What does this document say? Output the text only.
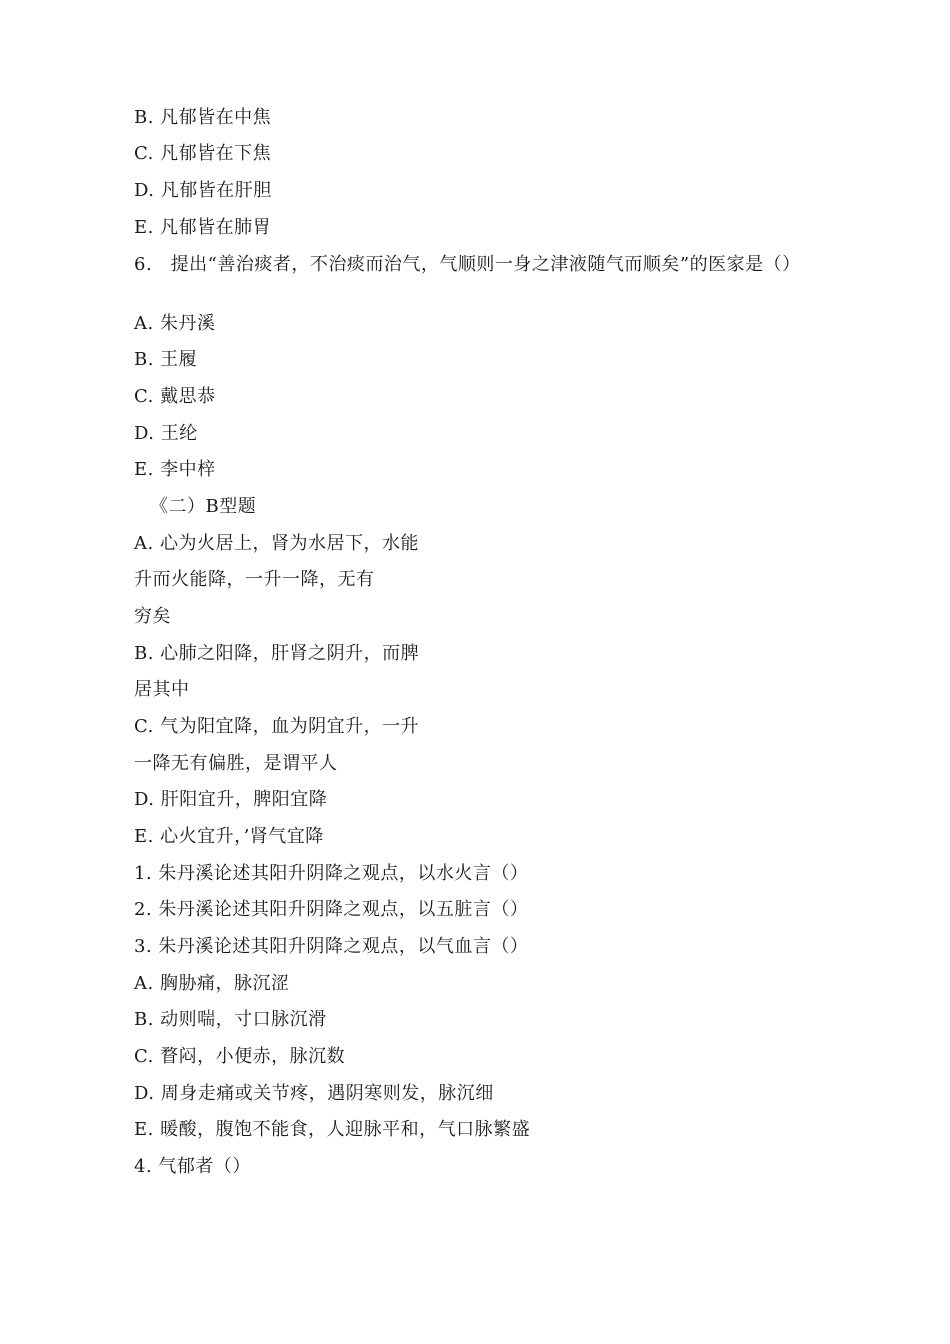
B. 凡郁皆在中焦
C. 凡郁皆在下焦
D. 凡郁皆在肝胆
E. 凡郁皆在肺胃
6.　提出“善治痰者，不治痰而治气，气顺则一身之津液随气而顺矣”的医家是（）
A. 朱丹溪
B. 王履
C. 戴思恭
D. 王纶
E. 李中梓
《二）B型题
A. 心为火居上，肾为水居下，水能
升而火能降，一升一降，无有
穷矣
B. 心肺之阳降，肝肾之阴升，而脾
居其中
C. 气为阳宜降，血为阴宜升，一升
一降无有偏胜，是谓平人
D. 肝阳宜升，脾阳宜降
E. 心火宜升，’肾气宜降
1. 朱丹溪论述其阳升阴降之观点，以水火言（）
2. 朱丹溪论述其阳升阴降之观点，以五脏言（）
3. 朱丹溪论述其阳升阴降之观点，以气血言（）
A. 胸胁痛，脉沉涩
B. 动则喘，寸口脉沉滑
C. 瞀闷，小便赤，脉沉数
D. 周身走痛或关节疼，遇阴寒则发，脉沉细
E. 暖酸，腹饱不能食，人迎脉平和，气口脉繁盛
4. 气郁者（）
